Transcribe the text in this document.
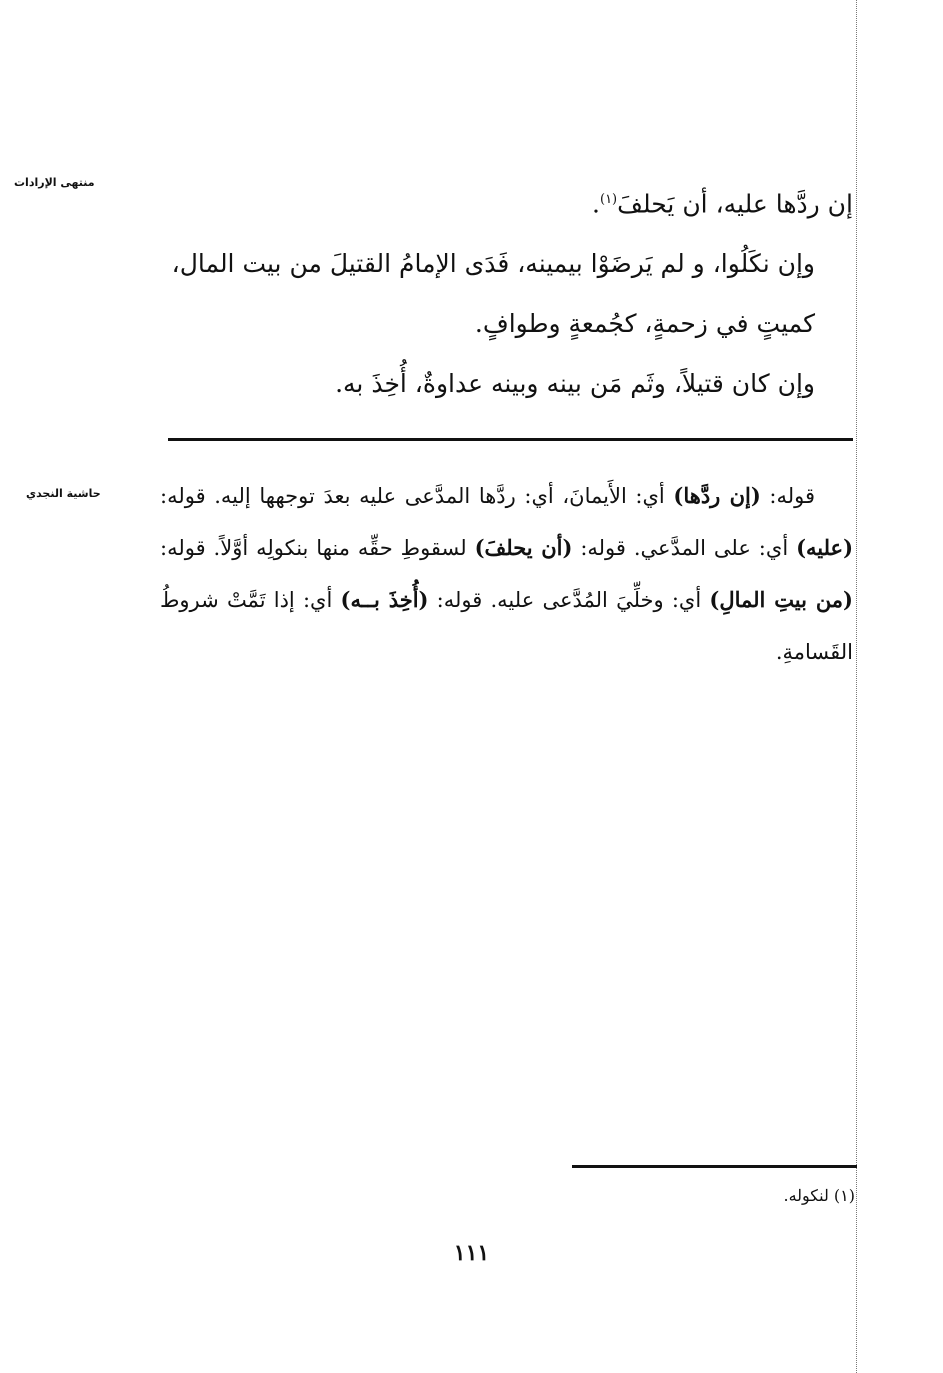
منتهى الإرادات
حاشية النجدي

إن ردَّها عليه، أن يَحلفَ$^{(١)}$.

وإن نكَلُوا، و لم يَرضَوْا بيمينه، فَدَى الإمامُ القتيلَ من بيت المال، كميتٍ في زحمةٍ، كجُمعةٍ وطوافٍ.

وإن كان قتيلاً، وثَم مَن بينه وبينه عداوةٌ، أُخِذَ به.

قوله: (إن ردَّها) أي: الأَيمانَ، أي: ردَّها المدَّعى عليه بعدَ توجهها إليه. قوله: (عليه) أي: على المدَّعي. قوله: (أن يحلفَ) لسقوطِ حقِّه منها بنكولِه أوَّلاً. قوله: (من بيتِ المالِ) أي: وخلِّيَ المُدَّعى عليه. قوله: (أُخِذَ بــه) أي: إذا تَمَّتْ شروطُ القَسامةِ.
(١) لنكوله.
١١١
